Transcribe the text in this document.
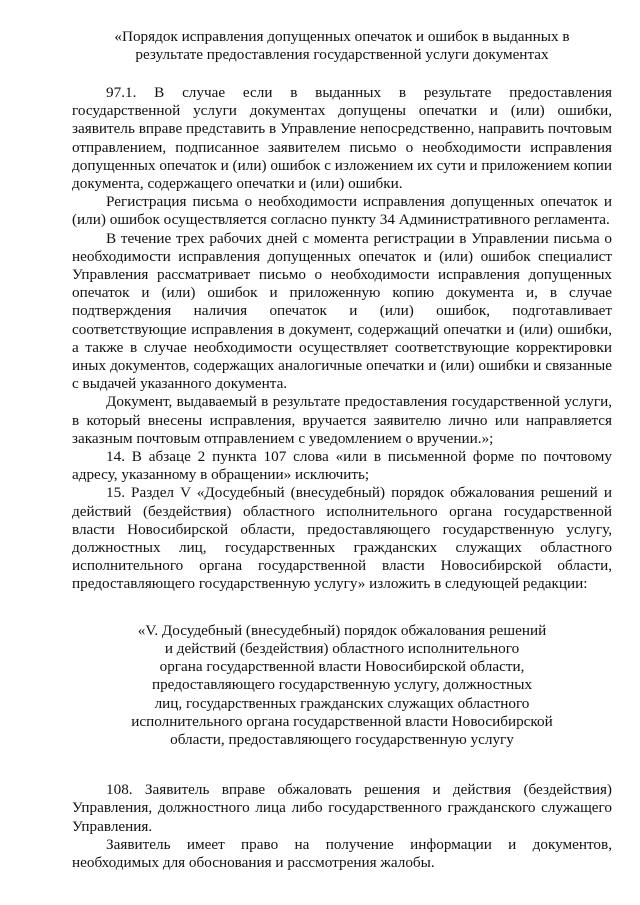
«Порядок исправления допущенных опечаток и ошибок в выданных в
результате предоставления государственной услуги документах

97.1. В случае если в выданных в результате предоставления государственной услуги документах допущены опечатки и (или) ошибки, заявитель вправе представить в Управление непосредственно, направить почтовым отправлением, подписанное заявителем письмо о необходимости исправления допущенных опечаток и (или) ошибок с изложением их сути и приложением копии документа, содержащего опечатки и (или) ошибки.

Регистрация письма о необходимости исправления допущенных опечаток и (или) ошибок осуществляется согласно пункту 34 Административного регламента.

В течение трех рабочих дней с момента регистрации в Управлении письма о необходимости исправления допущенных опечаток и (или) ошибок специалист Управления рассматривает письмо о необходимости исправления допущенных опечаток и (или) ошибок и приложенную копию документа и, в случае подтверждения наличия опечаток и (или) ошибок, подготавливает соответствующие исправления в документ, содержащий опечатки и (или) ошибки, а также в случае необходимости осуществляет соответствующие корректировки иных документов, содержащих аналогичные опечатки и (или) ошибки и связанные с выдачей указанного документа.

Документ, выдаваемый в результате предоставления государственной услуги, в который внесены исправления, вручается заявителю лично или направляется заказным почтовым отправлением с уведомлением о вручении.»;

14. В абзаце 2 пункта 107 слова «или в письменной форме по почтовому адресу, указанному в обращении» исключить;

15. Раздел V «Досудебный (внесудебный) порядок обжалования решений и действий (бездействия) областного исполнительного органа государственной власти Новосибирской области, предоставляющего государственную услугу, должностных лиц, государственных гражданских служащих областного исполнительного органа государственной власти Новосибирской области, предоставляющего государственную услугу» изложить в следующей редакции:

«V. Досудебный (внесудебный) порядок обжалования решений
и действий (бездействия) областного исполнительного
органа государственной власти Новосибирской области,
предоставляющего государственную услугу, должностных
лиц, государственных гражданских служащих областного
исполнительного органа государственной власти Новосибирской
области, предоставляющего государственную услугу

108. Заявитель вправе обжаловать решения и действия (бездействия) Управления, должностного лица либо государственного гражданского служащего Управления.

Заявитель имеет право на получение информации и документов, необходимых для обоснования и рассмотрения жалобы.
